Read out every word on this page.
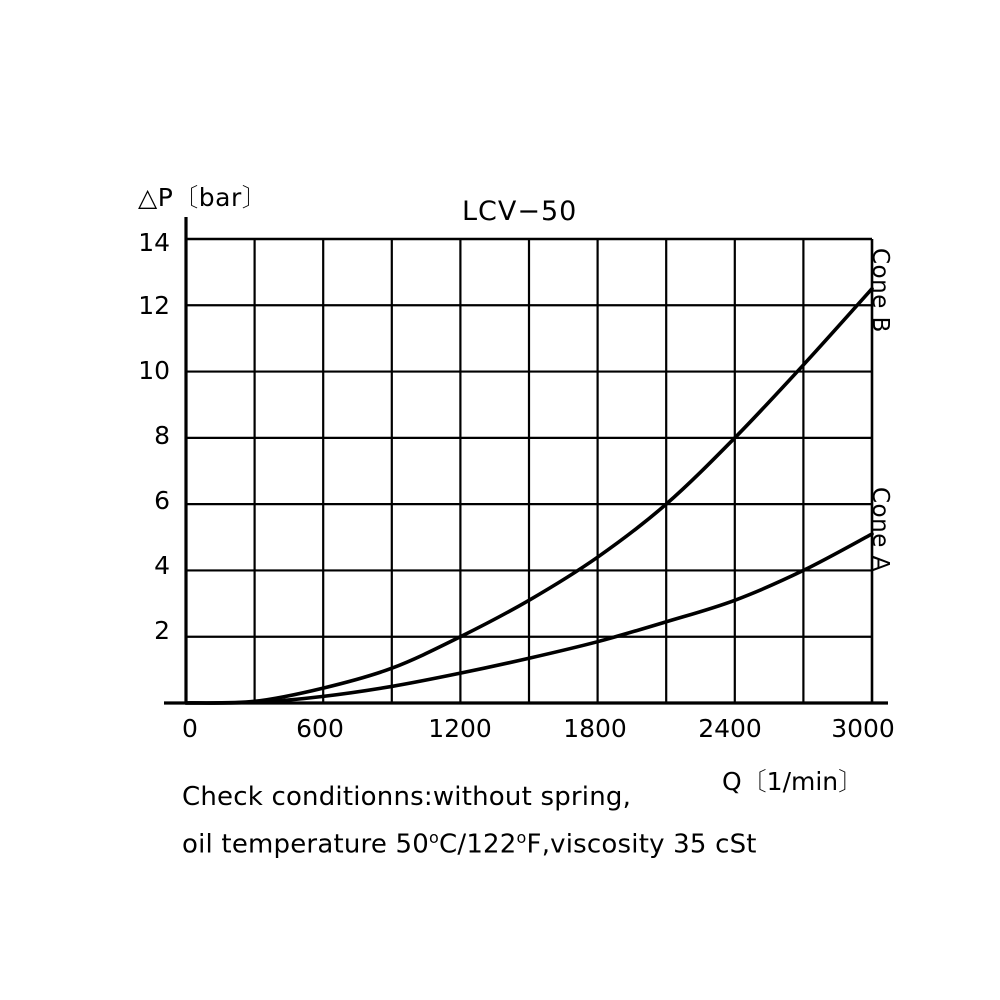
△P〔bar〕	LCV−50
14
12
10
8
6
4
2
0	600	1200	1800	2400	3000
Cone B
Cone A
Q〔1/min〕
Check conditionns:without spring,
oil temperature 50$^o$C/122$^o$F,viscosity 35 cSt
